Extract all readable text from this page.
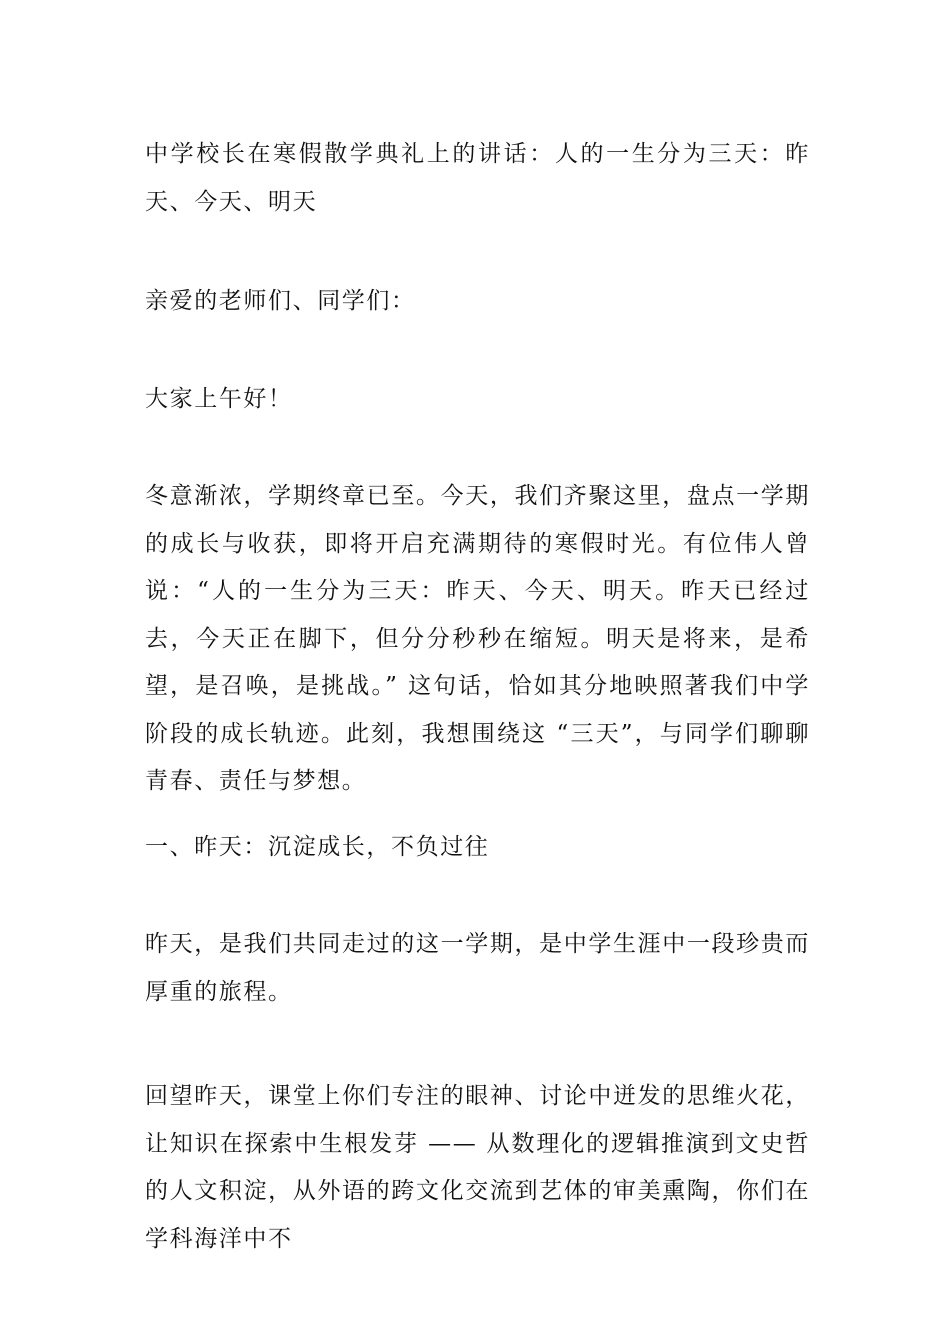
中学校长在寒假散学典礼上的讲话：人的一生分为三天：昨天、今天、明天

亲爱的老师们、同学们：

大家上午好！

冬意渐浓，学期终章已至。今天，我们齐聚这里，盘点一学期的成长与收获，即将开启充满期待的寒假时光。有位伟人曾说：“人的一生分为三天：昨天、今天、明天。昨天已经过去，今天正在脚下，但分分秒秒在缩短。明天是将来，是希望，是召唤，是挑战。” 这句话，恰如其分地映照著我们中学阶段的成长轨迹。此刻，我想围绕这 “三天”，与同学们聊聊青春、责任与梦想。

一、昨天：沉淀成长，不负过往

昨天，是我们共同走过的这一学期，是中学生涯中一段珍贵而厚重的旅程。

回望昨天，课堂上你们专注的眼神、讨论中迸发的思维火花，让知识在探索中生根发芽 —— 从数理化的逻辑推演到文史哲的人文积淀，从外语的跨文化交流到艺体的审美熏陶，你们在学科海洋中不
